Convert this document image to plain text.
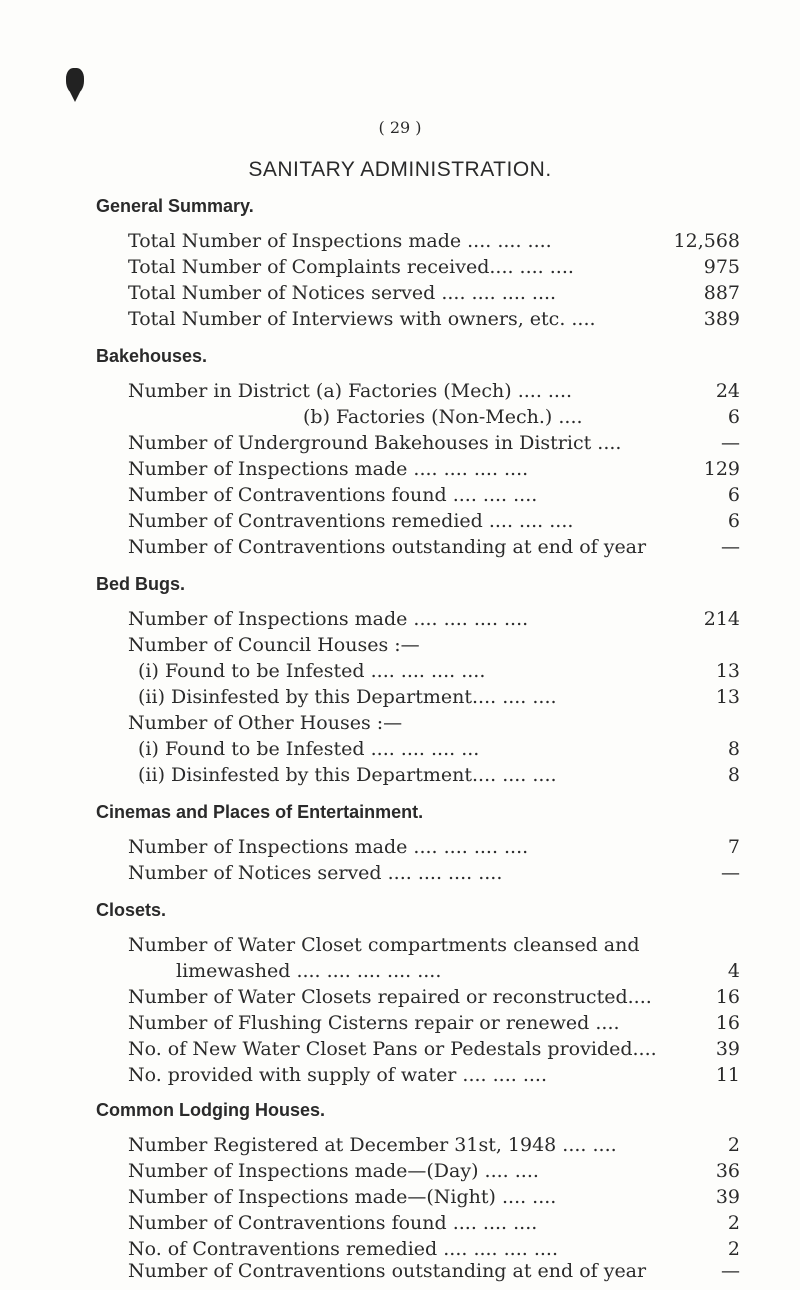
( 29 )
SANITARY ADMINISTRATION.
General Summary.
Total Number of Inspections made .... .... ....	12,568
Total Number of Complaints received.... .... ....	975
Total Number of Notices served .... .... .... ....	887
Total Number of Interviews with owners, etc. ....	389
Bakehouses.
Number in District (a) Factories (Mech) .... ....	24
(b) Factories (Non-Mech.) ....	6
Number of Underground Bakehouses in District ....	—
Number of Inspections made .... .... .... ....	129
Number of Contraventions found .... .... ....	6
Number of Contraventions remedied .... .... ....	6
Number of Contraventions outstanding at end of year	—
Bed Bugs.
Number of Inspections made .... .... .... ....	214
Number of Council Houses :—
(i) Found to be Infested .... .... .... ....	13
(ii) Disinfested by this Department.... .... ....	13
Number of Other Houses :—
(i) Found to be Infested .... .... .... ...	8
(ii) Disinfested by this Department.... .... ....	8
Cinemas and Places of Entertainment.
Number of Inspections made .... .... .... ....	7
Number of Notices served .... .... .... ....	—
Closets.
Number of Water Closet compartments cleansed and
limewashed .... .... .... .... ....	4
Number of Water Closets repaired or reconstructed....	16
Number of Flushing Cisterns repair or renewed ....	16
No. of New Water Closet Pans or Pedestals provided....	39
No. provided with supply of water .... .... ....	11
Common Lodging Houses.
Number Registered at December 31st, 1948 .... ....	2
Number of Inspections made—(Day) .... ....	36
Number of Inspections made—(Night) .... ....	39
Number of Contraventions found .... .... ....	2
No. of Contraventions remedied .... .... .... ....	2
Number of Contraventions outstanding at end of year	—
